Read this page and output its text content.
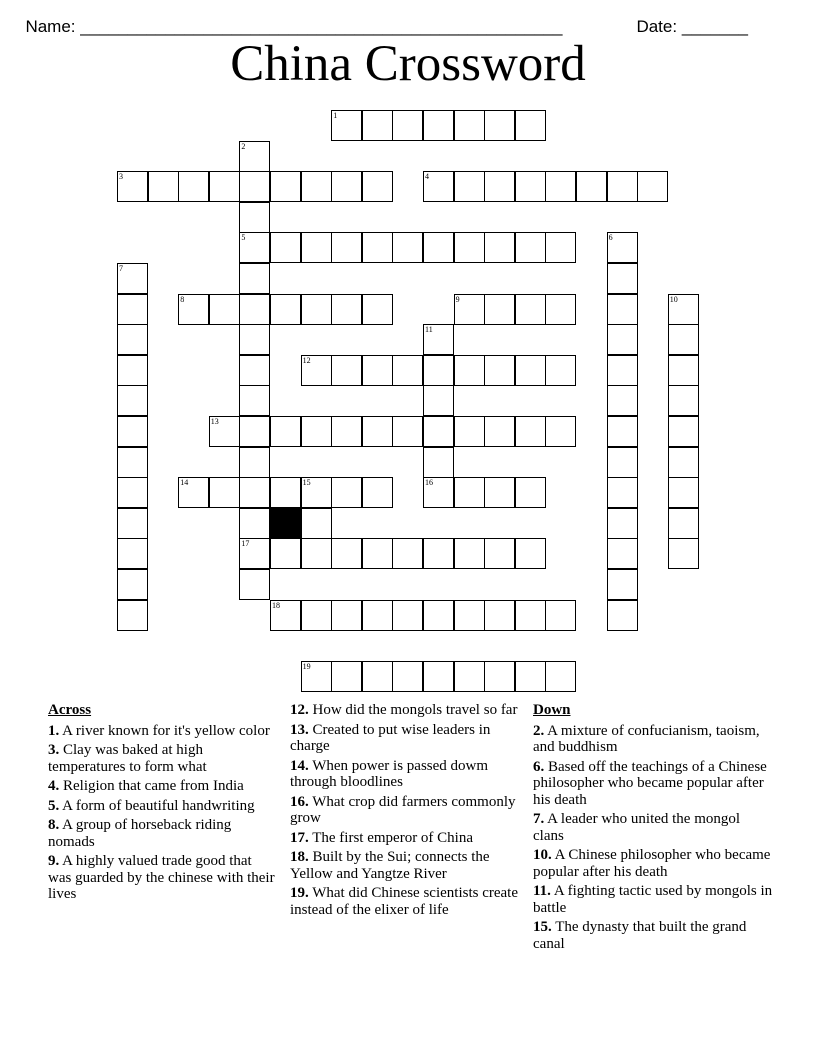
Name: ___________________________________________________	Date: _______

China Crossword
1
2
5
17
3	4
6
7
8	9	10
11
16
12
13
14	15
18
19
Across
1. A river known for it's yellow color
3. Clay was baked at high temperatures to form what
4. Religion that came from India
5. A form of beautiful handwriting
8. A group of horseback riding nomads
9. A highly valued trade good that was guarded by the chinese with their lives
12. How did the mongols travel so far
13. Created to put wise leaders in charge
14. When power is passed dowm through bloodlines
16. What crop did farmers commonly grow
17. The first emperor of China
18. Built by the Sui; connects the Yellow and Yangtze River
19. What did Chinese scientists create instead of the elixer of life
Down
2. A mixture of confucianism, taoism, and buddhism
6. Based off the teachings of a Chinese philosopher who became popular after his death
7. A leader who united the mongol clans
10. A Chinese philosopher who became popular after his death
11. A fighting tactic used by mongols in battle
15. The dynasty that built the grand canal
